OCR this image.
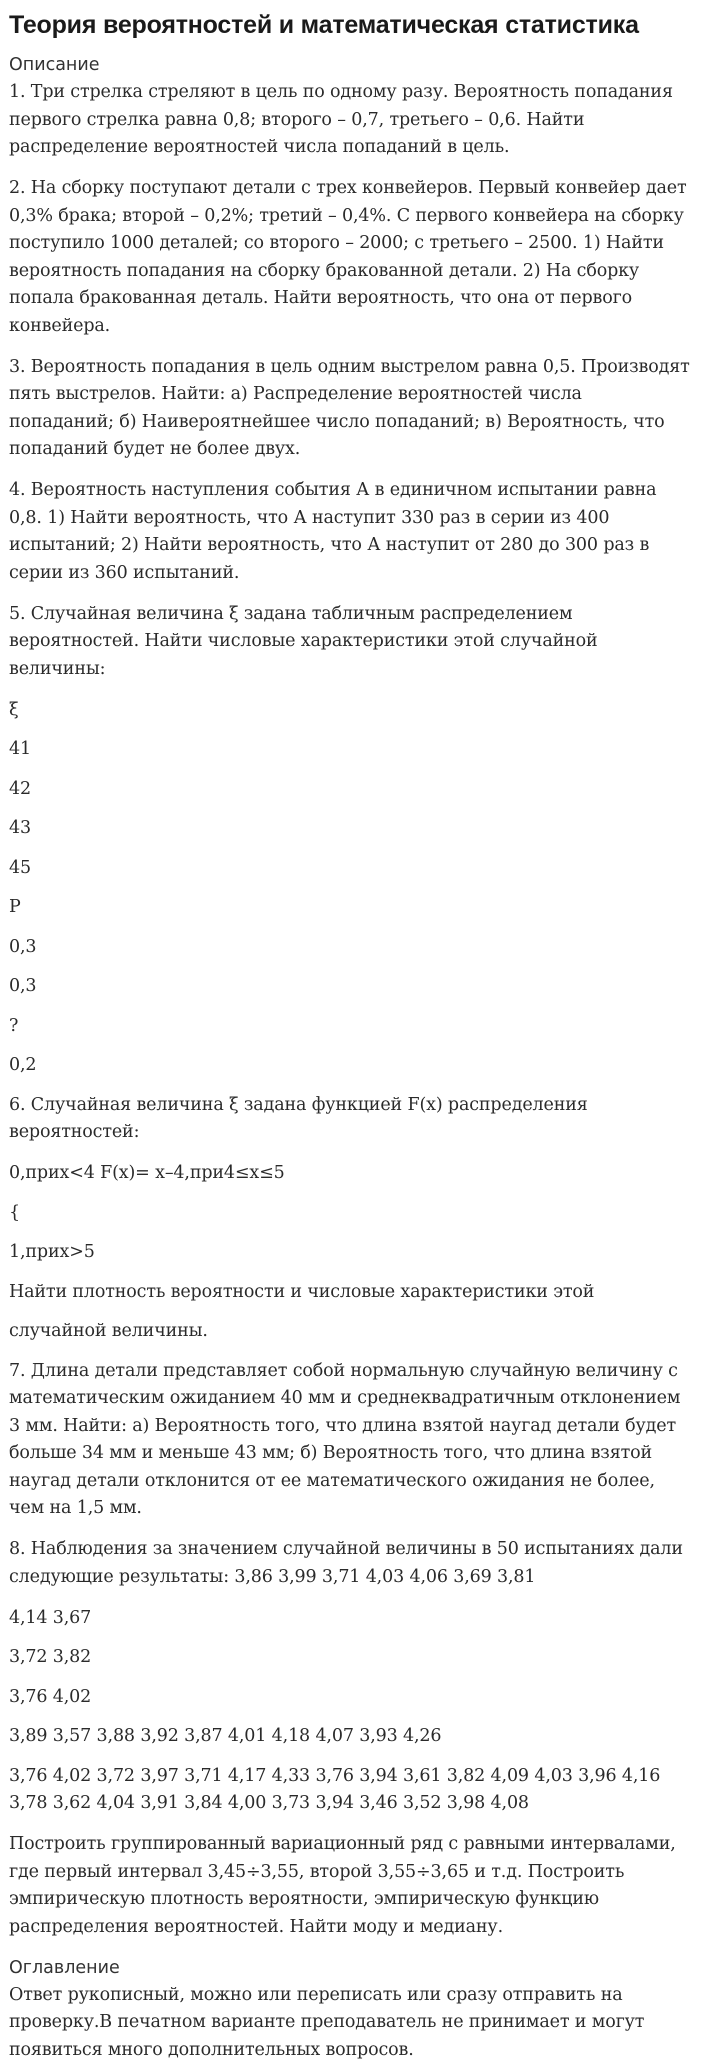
Теория вероятностей и математическая статистика
Описание

1. Три стрелка стреляют в цель по одному разу. Вероятность попадания первого стрелка равна 0,8; второго – 0,7, третьего – 0,6. Найти распределение вероятностей числа попаданий в цель.

2. На сборку поступают детали с трех конвейеров. Первый конвейер дает 0,3% брака; второй – 0,2%; третий – 0,4%. С первого конвейера на сборку поступило 1000 деталей; со второго – 2000; с третьего – 2500. 1) Найти вероятность попадания на сборку бракованной детали. 2) На сборку попала бракованная деталь. Найти вероятность, что она от первого конвейера.

3. Вероятность попадания в цель одним выстрелом равна 0,5. Производят пять выстрелов. Найти: а) Распределение вероятностей числа попаданий; б) Наивероятнейшее число попаданий; в) Вероятность, что попаданий будет не более двух.

4. Вероятность наступления события А в единичном испытании равна 0,8. 1) Найти вероятность, что А наступит 330 раз в серии из 400 испытаний; 2) Найти вероятность, что А наступит от 280 до 300 раз в серии из 360 испытаний.

5. Случайная величина ξ задана табличным распределением вероятностей. Найти числовые характеристики этой случайной величины:

ξ

41

42

43

45

P

0,3

0,3

?

0,2

6. Случайная величина ξ задана функцией F(x) распределения вероятностей:

0,прих<4 F(x)= x–4,при4≤x≤5

{

1,прих>5

Найти плотность вероятности и числовые характеристики этой

случайной величины.

7. Длина детали представляет собой нормальную случайную величину с математическим ожиданием 40 мм и среднеквадратичным отклонением 3 мм. Найти: а) Вероятность того, что длина взятой наугад детали будет больше 34 мм и меньше 43 мм; б) Вероятность того, что длина взятой наугад детали отклонится от ее математического ожидания не более, чем на 1,5 мм.

8. Наблюдения за значением случайной величины в 50 испытаниях дали следующие результаты: 3,86 3,99 3,71 4,03 4,06 3,69 3,81

4,14 3,67

3,72 3,82

3,76 4,02

3,89 3,57 3,88 3,92 3,87 4,01 4,18 4,07 3,93 4,26

3,76 4,02 3,72 3,97 3,71 4,17 4,33 3,76 3,94 3,61 3,82 4,09 4,03 3,96 4,16 3,78 3,62 4,04 3,91 3,84 4,00 3,73 3,94 3,46 3,52 3,98 4,08

Построить группированный вариационный ряд с равными интервалами, где первый интервал 3,45÷3,55, второй 3,55÷3,65 и т.д. Построить эмпирическую плотность вероятности, эмпирическую функцию распределения вероятностей. Найти моду и медиану.

Оглавление

Ответ рукописный, можно или переписать или сразу отправить на проверку.В печатном варианте преподаватель не принимает и могут появиться много дополнительных вопросов.
